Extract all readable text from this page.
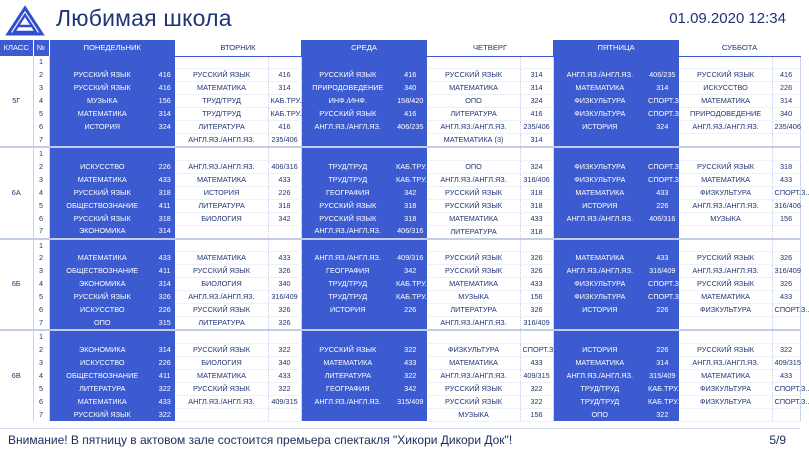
Любимая школа	01.09.2020 12:34
КЛАСС	№	ПОНЕДЕЛЬНИК		ВТОРНИК		СРЕДА		ЧЕТВЕРГ		ПЯТНИЦА		СУББОТА	
5Г	1												
	2	РУССКИЙ ЯЗЫК	416	РУССКИЙ ЯЗЫК	416	РУССКИЙ ЯЗЫК	416	РУССКИЙ ЯЗЫК	314	АНГЛ.ЯЗ./АНГЛ.ЯЗ.	406/235	РУССКИЙ ЯЗЫК	416
	3	РУССКИЙ ЯЗЫК	416	МАТЕМАТИКА	314	ПРИРОДОВЕДЕНИЕ	340	МАТЕМАТИКА	314	МАТЕМАТИКА	314	ИСКУССТВО	226
	4	МУЗЫКА	156	ТРУД/ТРУД	КАБ.ТРУ..	ИНФ./ИНФ.	158/420	ОПО	324	ФИЗКУЛЬТУРА	СПОРТ.З..	МАТЕМАТИКА	314
	5	МАТЕМАТИКА	314	ТРУД/ТРУД	КАБ.ТРУ..	РУССКИЙ ЯЗЫК	416	ЛИТЕРАТУРА	416	ФИЗКУЛЬТУРА	СПОРТ.З..	ПРИРОДОВЕДЕНИЕ	340
	6	ИСТОРИЯ	324	ЛИТЕРАТУРА	416	АНГЛ.ЯЗ./АНГЛ.ЯЗ.	406/235	АНГЛ.ЯЗ./АНГЛ.ЯЗ.	235/406	ИСТОРИЯ	324	АНГЛ.ЯЗ./АНГЛ.ЯЗ.	235/406
	7			АНГЛ.ЯЗ./АНГЛ.ЯЗ.	235/406			МАТЕМАТИКА (3)	314				
6А	1												
	2	ИСКУССТВО	226	АНГЛ.ЯЗ./АНГЛ.ЯЗ.	406/316	ТРУД/ТРУД	КАБ.ТРУ..	ОПО	324	ФИЗКУЛЬТУРА	СПОРТ.З..	РУССКИЙ ЯЗЫК	318
	3	МАТЕМАТИКА	433	МАТЕМАТИКА	433	ТРУД/ТРУД	КАБ.ТРУ..	АНГЛ.ЯЗ./АНГЛ.ЯЗ.	316/406	ФИЗКУЛЬТУРА	СПОРТ.З..	МАТЕМАТИКА	433
	4	РУССКИЙ ЯЗЫК	318	ИСТОРИЯ	226	ГЕОГРАФИЯ	342	РУССКИЙ ЯЗЫК	318	МАТЕМАТИКА	433	ФИЗКУЛЬТУРА	СПОРТ.З..
	5	ОБЩЕСТВОЗНАНИЕ	411	ЛИТЕРАТУРА	318	РУССКИЙ ЯЗЫК	318	РУССКИЙ ЯЗЫК	318	ИСТОРИЯ	226	АНГЛ.ЯЗ./АНГЛ.ЯЗ.	316/406
	6	РУССКИЙ ЯЗЫК	318	БИОЛОГИЯ	342	РУССКИЙ ЯЗЫК	318	МАТЕМАТИКА	433	АНГЛ.ЯЗ./АНГЛ.ЯЗ.	406/316	МУЗЫКА	156
	7	ЭКОНОМИКА	314			АНГЛ.ЯЗ./АНГЛ.ЯЗ.	406/316	ЛИТЕРАТУРА	318				
6Б	1												
	2	МАТЕМАТИКА	433	МАТЕМАТИКА	433	АНГЛ.ЯЗ./АНГЛ.ЯЗ.	409/316	РУССКИЙ ЯЗЫК	326	МАТЕМАТИКА	433	РУССКИЙ ЯЗЫК	326
	3	ОБЩЕСТВОЗНАНИЕ	411	РУССКИЙ ЯЗЫК	326	ГЕОГРАФИЯ	342	РУССКИЙ ЯЗЫК	326	АНГЛ.ЯЗ./АНГЛ.ЯЗ.	316/409	АНГЛ.ЯЗ./АНГЛ.ЯЗ.	316/409
	4	ЭКОНОМИКА	314	БИОЛОГИЯ	340	ТРУД/ТРУД	КАБ.ТРУ..	МАТЕМАТИКА	433	ФИЗКУЛЬТУРА	СПОРТ.З..	РУССКИЙ ЯЗЫК	326
	5	РУССКИЙ ЯЗЫК	326	АНГЛ.ЯЗ./АНГЛ.ЯЗ.	316/409	ТРУД/ТРУД	КАБ.ТРУ..	МУЗЫКА	156	ФИЗКУЛЬТУРА	СПОРТ.З..	МАТЕМАТИКА	433
	6	ИСКУССТВО	226	РУССКИЙ ЯЗЫК	326	ИСТОРИЯ	226	ЛИТЕРАТУРА	326	ИСТОРИЯ	226	ФИЗКУЛЬТУРА	СПОРТ.З..
	7	ОПО	315	ЛИТЕРАТУРА	326			АНГЛ.ЯЗ./АНГЛ.ЯЗ.	316/409				
6В	1												
	2	ЭКОНОМИКА	314	РУССКИЙ ЯЗЫК	322	РУССКИЙ ЯЗЫК	322	ФИЗКУЛЬТУРА	СПОРТ.З..	ИСТОРИЯ	226	РУССКИЙ ЯЗЫК	322
	3	ИСКУССТВО	226	БИОЛОГИЯ	340	МАТЕМАТИКА	433	МАТЕМАТИКА	433	МАТЕМАТИКА	314	АНГЛ.ЯЗ./АНГЛ.ЯЗ.	409/315
	4	ОБЩЕСТВОЗНАНИЕ	411	МАТЕМАТИКА	433	ЛИТЕРАТУРА	322	АНГЛ.ЯЗ./АНГЛ.ЯЗ.	409/315	АНГЛ.ЯЗ./АНГЛ.ЯЗ.	315/409	МАТЕМАТИКА	433
	5	ЛИТЕРАТУРА	322	РУССКИЙ ЯЗЫК	322	ГЕОГРАФИЯ	342	РУССКИЙ ЯЗЫК	322	ТРУД/ТРУД	КАБ.ТРУ..	ФИЗКУЛЬТУРА	СПОРТ.З..
	6	МАТЕМАТИКА	433	АНГЛ.ЯЗ./АНГЛ.ЯЗ.	409/315	АНГЛ.ЯЗ./АНГЛ.ЯЗ.	315/409	РУССКИЙ ЯЗЫК	322	ТРУД/ТРУД	КАБ.ТРУ..	ФИЗКУЛЬТУРА	СПОРТ.З..
	7	РУССКИЙ ЯЗЫК	322					МУЗЫКА	156	ОПО	322		
Внимание! В пятницу в актовом зале состоится премьера спектакля "Хикори Дикори Док"!	5/9
